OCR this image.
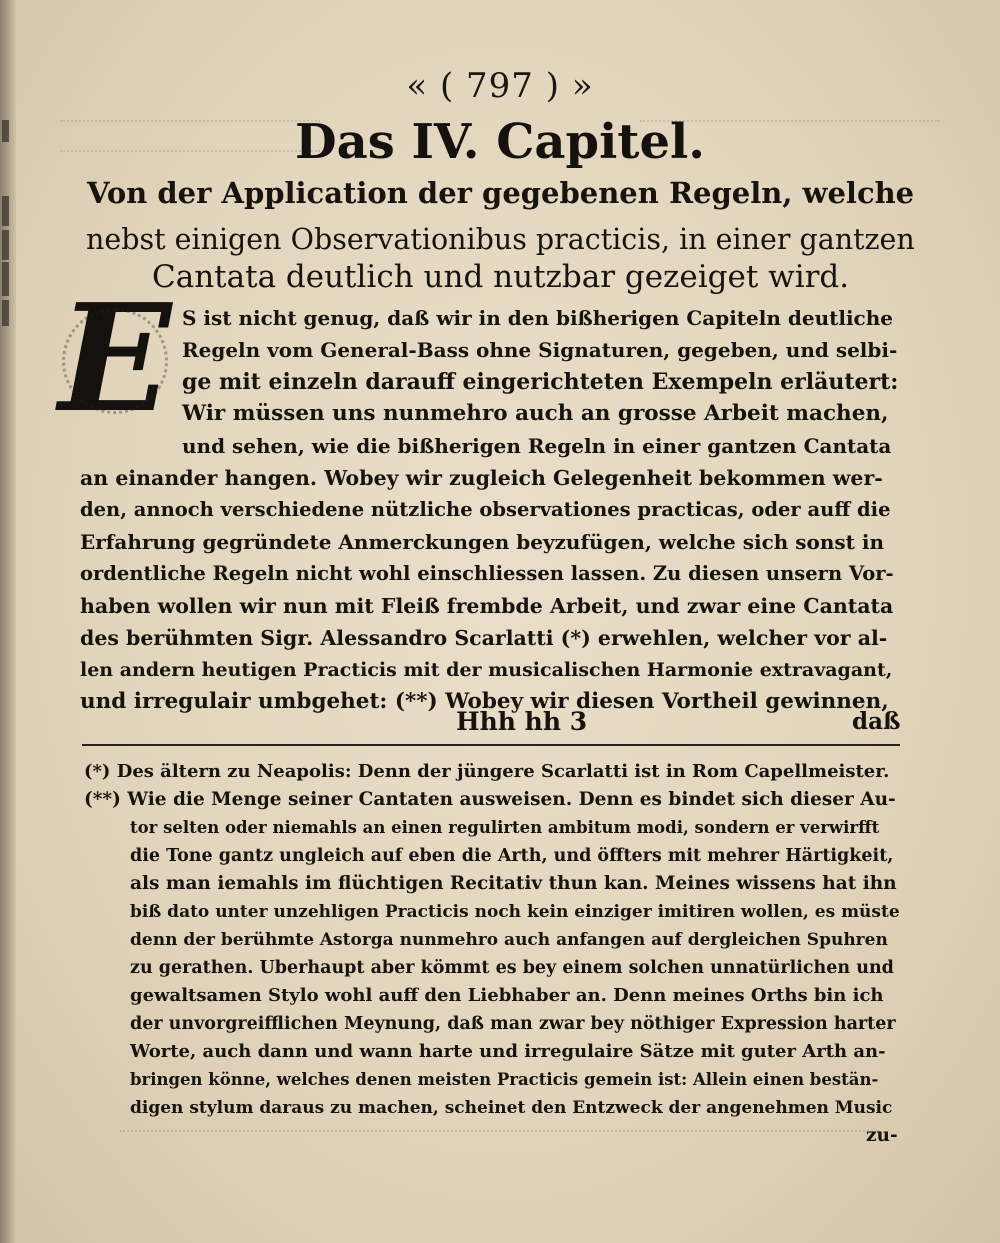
« ( 797 ) »
Das IV. Capitel.
Von der Application der gegebenen Regeln, welche
nebst einigen Observationibus practicis, in einer gantzen
Cantata deutlich und nutzbar gezeiget wird.
E S ist nicht genug, daß wir in den bißherigen Capiteln deutliche
Regeln vom General-Bass ohne Signaturen, gegeben, und selbi-
ge mit einzeln darauff eingerichteten Exempeln erläutert:
Wir müssen uns nunmehro auch an grosse Arbeit machen,
und sehen, wie die bißherigen Regeln in einer gantzen Cantata
an einander hangen. Wobey wir zugleich Gelegenheit bekommen wer-
den, annoch verschiedene nützliche observationes practicas, oder auff die
Erfahrung gegründete Anmerckungen beyzufügen, welche sich sonst in
ordentliche Regeln nicht wohl einschliessen lassen. Zu diesen unsern Vor-
haben wollen wir nun mit Fleiß frembde Arbeit, und zwar eine Cantata
des berühmten Sigr. Alessandro Scarlatti (*) erwehlen, welcher vor al-
len andern heutigen Practicis mit der musicalischen Harmonie extravagant,
und irregulair umbgehet: (**) Wobey wir diesen Vortheil gewinnen,
Hhh hh 3	daß
(*) Des ältern zu Neapolis: Denn der jüngere Scarlatti ist in Rom Capellmeister.
(**) Wie die Menge seiner Cantaten ausweisen. Denn es bindet sich dieser Au-
tor selten oder niemahls an einen regulirten ambitum modi, sondern er verwirfft
die Tone gantz ungleich auf eben die Arth, und öffters mit mehrer Härtigkeit,
als man iemahls im flüchtigen Recitativ thun kan. Meines wissens hat ihn
biß dato unter unzehligen Practicis noch kein einziger imitiren wollen, es müste
denn der berühmte Astorga nunmehro auch anfangen auf dergleichen Spuhren
zu gerathen. Uberhaupt aber kömmt es bey einem solchen unnatürlichen und
gewaltsamen Stylo wohl auff den Liebhaber an. Denn meines Orths bin ich
der unvorgreifflichen Meynung, daß man zwar bey nöthiger Expression harter
Worte, auch dann und wann harte und irregulaire Sätze mit guter Arth an-
bringen könne, welches denen meisten Practicis gemein ist: Allein einen bestän-
digen stylum daraus zu machen, scheinet den Entzweck der angenehmen Music
zu-
